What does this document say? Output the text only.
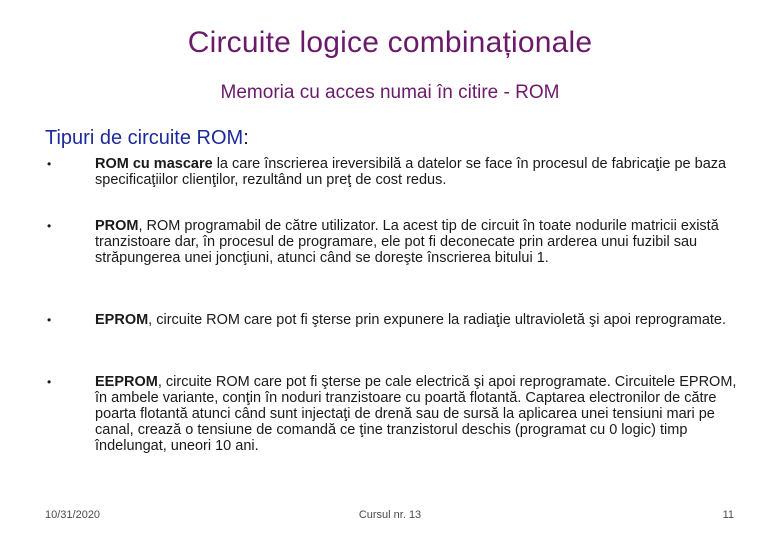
Circuite logice combinaționale
Memoria cu acces numai în citire - ROM
Tipuri de circuite ROM:
•	ROM cu mascare la care înscrierea ireversibilă a datelor se face în procesul de fabricaţie pe baza specificaţiilor clienţilor, rezultând un preţ de cost redus.
•	PROM, ROM programabil de către utilizator. La acest tip de circuit în toate nodurile matricii există tranzistoare dar, în procesul de programare, ele pot fi deconecate prin arderea unui fuzibil sau străpungerea unei joncţiuni, atunci când se doreşte înscrierea bitului 1.
•	EPROM, circuite ROM care pot fi şterse prin expunere la radiaţie ultravioletă şi apoi reprogramate.
•	EEPROM, circuite ROM care pot fi şterse pe cale electrică şi apoi reprogramate. Circuitele EPROM, în ambele variante, conţin în noduri tranzistoare cu poartă flotantă. Captarea electronilor de către poarta flotantă atunci când sunt injectaţi de drenă sau de sursă la aplicarea unei tensiuni mari pe canal, crează o tensiune de comandă ce ţine tranzistorul deschis (programat cu 0 logic) timp îndelungat, uneori 10 ani.
10/31/2020	Cursul nr. 13	11
